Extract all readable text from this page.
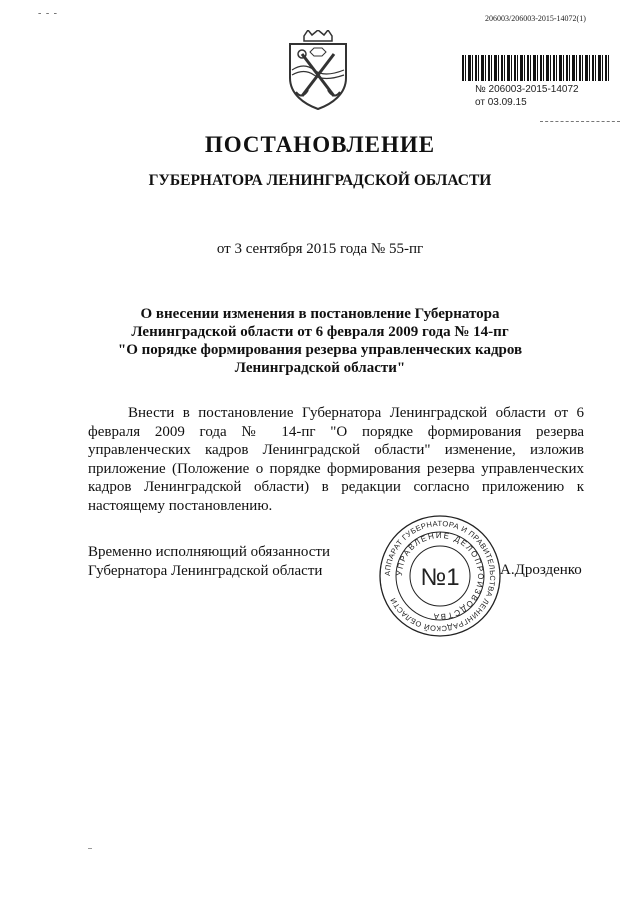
- - -	206003/206003-2015-14072(1)
№ 206003-2015-14072
от 03.09.15
ПОСТАНОВЛЕНИЕ
ГУБЕРНАТОРА ЛЕНИНГРАДСКОЙ ОБЛАСТИ
от 3 сентября 2015 года № 55-пг
О внесении изменения в постановление Губернатора
Ленинградской области от 6 февраля 2009 года № 14-пг
"О порядке формирования резерва управленческих кадров
Ленинградской области"
Внести в постановление Губернатора Ленинградской области от 6 февраля 2009 года № 14-пг "О порядке формирования резерва управленческих кадров Ленинградской области" изменение, изложив приложение (Положение о порядке формирования резерва управленческих кадров Ленинградской области) в редакции согласно приложению к настоящему постановлению.
Временно исполняющий обязанности
Губернатора Ленинградской области	АППАРАТ ГУБЕРНАТОРА И ПРАВИТЕЛЬСТВА ЛЕНИНГРАДСКОЙ ОБЛАСТИ
УПРАВЛЕНИЕ ДЕЛОПРОИЗВОДСТВА
№1	А.Дрозденко
